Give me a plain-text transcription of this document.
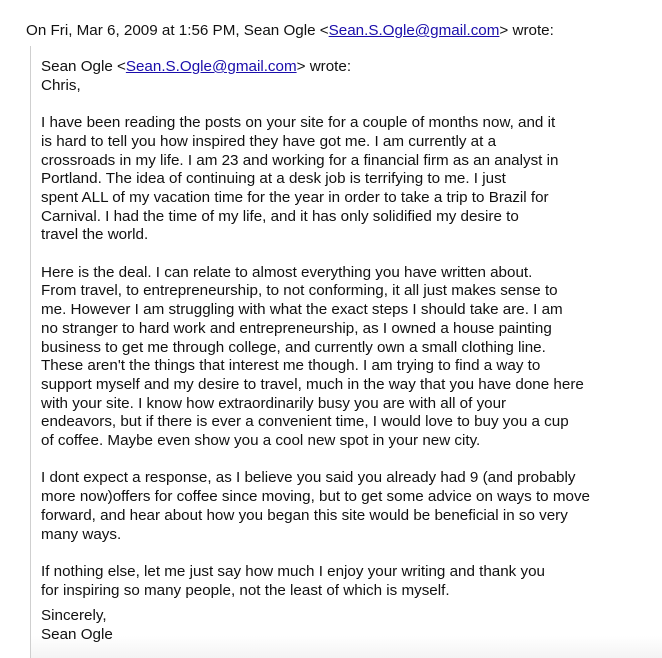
On Fri, Mar 6, 2009 at 1:56 PM, Sean Ogle <Sean.S.Ogle@gmail.com> wrote:
Sean Ogle <Sean.S.Ogle@gmail.com> wrote:
Chris,
I have been reading the posts on your site for a couple of months now, and it
is hard to tell you how inspired they have got me. I am currently at a
crossroads in my life. I am 23 and working for a financial firm as an analyst in
Portland. The idea of continuing at a desk job is terrifying to me. I just
spent ALL of my vacation time for the year in order to take a trip to Brazil for
Carnival. I had the time of my life, and it has only solidified my desire to
travel the world.
Here is the deal. I can relate to almost everything you have written about.
From travel, to entrepreneurship, to not conforming, it all just makes sense to
me. However I am struggling with what the exact steps I should take are. I am
no stranger to hard work and entrepreneurship, as I owned a house painting
business to get me through college, and currently own a small clothing line.
These aren't the things that interest me though. I am trying to find a way to
support myself and my desire to travel, much in the way that you have done here
with your site. I know how extraordinarily busy you are with all of your
endeavors, but if there is ever a convenient time, I would love to buy you a cup
of coffee. Maybe even show you a cool new spot in your new city.
I dont expect a response, as I believe you said you already had 9 (and probably
more now)offers for coffee since moving, but to get some advice on ways to move
forward, and hear about how you began this site would be beneficial in so very
many ways.
If nothing else, let me just say how much I enjoy your writing and thank you
for inspiring so many people, not the least of which is myself.
Sincerely,
Sean Ogle
